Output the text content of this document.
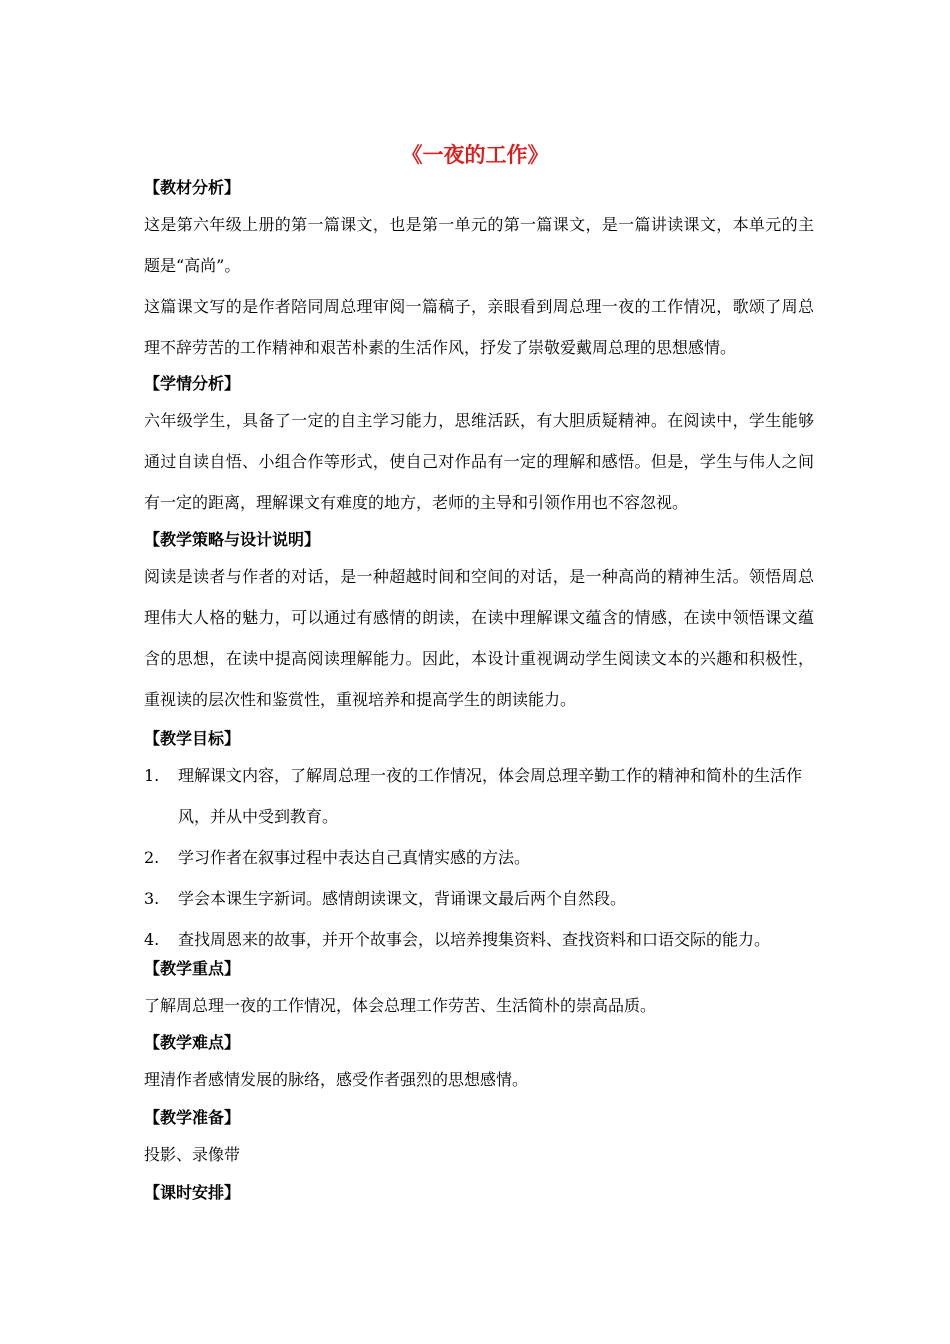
《一夜的工作》
【教材分析】
这是第六年级上册的第一篇课文，也是第一单元的第一篇课文，是一篇讲读课文，本单元的主题是“高尚”。
这篇课文写的是作者陪同周总理审阅一篇稿子，亲眼看到周总理一夜的工作情况，歌颂了周总理不辞劳苦的工作精神和艰苦朴素的生活作风，抒发了崇敬爱戴周总理的思想感情。
【学情分析】
六年级学生，具备了一定的自主学习能力，思维活跃，有大胆质疑精神。在阅读中，学生能够通过自读自悟、小组合作等形式，使自己对作品有一定的理解和感悟。但是，学生与伟人之间有一定的距离，理解课文有难度的地方，老师的主导和引领作用也不容忽视。
【教学策略与设计说明】
阅读是读者与作者的对话，是一种超越时间和空间的对话，是一种高尚的精神生活。领悟周总理伟大人格的魅力，可以通过有感情的朗读，在读中理解课文蕴含的情感，在读中领悟课文蕴含的思想，在读中提高阅读理解能力。因此，本设计重视调动学生阅读文本的兴趣和积极性，重视读的层次性和鉴赏性，重视培养和提高学生的朗读能力。
【教学目标】
1. 理解课文内容，了解周总理一夜的工作情况，体会周总理辛勤工作的精神和简朴的生活作风，并从中受到教育。
2. 学习作者在叙事过程中表达自己真情实感的方法。
3. 学会本课生字新词。感情朗读课文，背诵课文最后两个自然段。
4. 查找周恩来的故事，并开个故事会，以培养搜集资料、查找资料和口语交际的能力。
【教学重点】
了解周总理一夜的工作情况，体会总理工作劳苦、生活简朴的崇高品质。
【教学难点】
理清作者感情发展的脉络，感受作者强烈的思想感情。
【教学准备】
投影、录像带
【课时安排】
